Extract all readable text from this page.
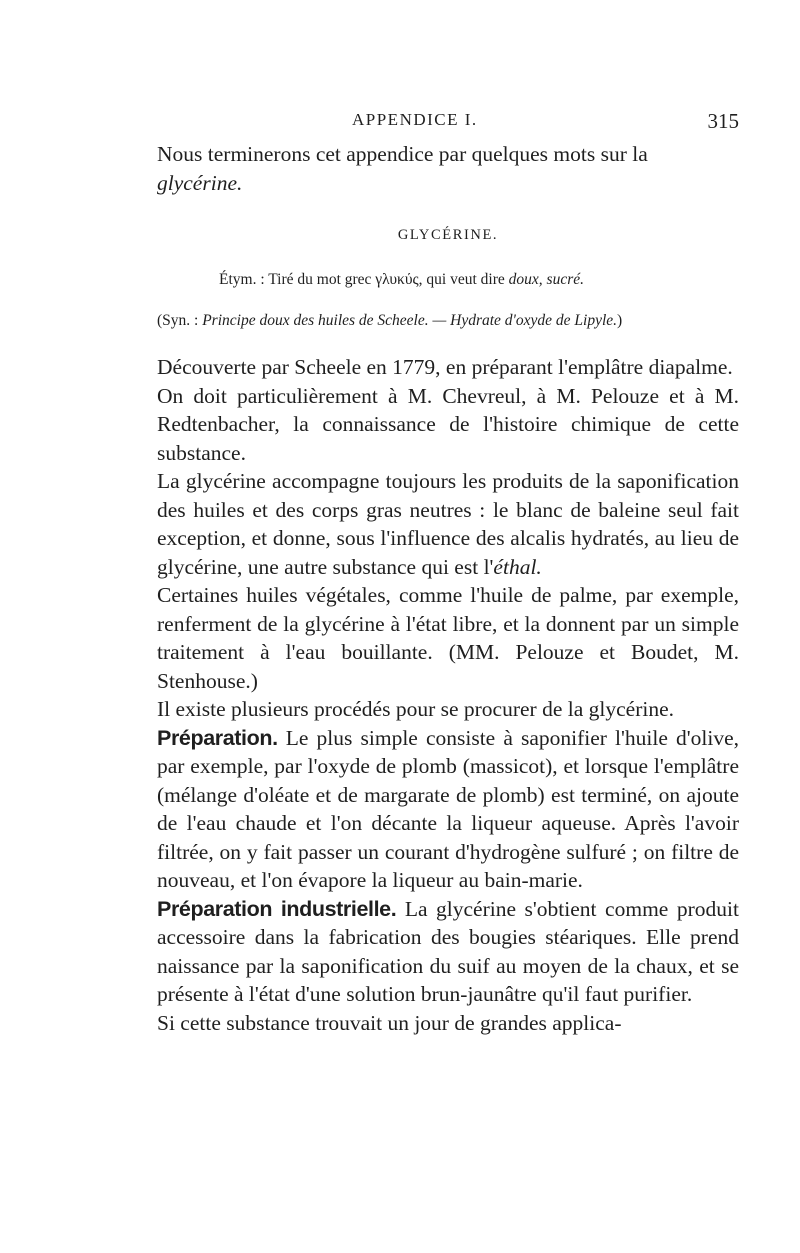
APPENDICE I.	315

Nous terminerons cet appendice par quelques mots sur la
glycérine.

GLYCÉRINE.
Étym. : Tiré du mot grec γλυκύς, qui veut dire doux, sucré.
(Syn. : Principe doux des huiles de Scheele. — Hydrate d'oxyde de Lipyle.)

Découverte par Scheele en 1779, en préparant l'emplâtre diapalme.

On doit particulièrement à M. Chevreul, à M. Pelouze et à M. Redtenbacher, la connaissance de l'histoire chimique de cette substance.

La glycérine accompagne toujours les produits de la saponification des huiles et des corps gras neutres : le blanc de baleine seul fait exception, et donne, sous l'influence des alcalis hydratés, au lieu de glycérine, une autre substance qui est l'éthal.

Certaines huiles végétales, comme l'huile de palme, par exemple, renferment de la glycérine à l'état libre, et la donnent par un simple traitement à l'eau bouillante. (MM. Pelouze et Boudet, M. Stenhouse.)

Il existe plusieurs procédés pour se procurer de la glycérine.

Préparation. Le plus simple consiste à saponifier l'huile d'olive, par exemple, par l'oxyde de plomb (massicot), et lorsque l'emplâtre (mélange d'oléate et de margarate de plomb) est terminé, on ajoute de l'eau chaude et l'on décante la liqueur aqueuse. Après l'avoir filtrée, on y fait passer un courant d'hydrogène sulfuré ; on filtre de nouveau, et l'on évapore la liqueur au bain-marie.

Préparation industrielle. La glycérine s'obtient comme produit accessoire dans la fabrication des bougies stéariques. Elle prend naissance par la saponification du suif au moyen de la chaux, et se présente à l'état d'une solution brun-jaunâtre qu'il faut purifier.

Si cette substance trouvait un jour de grandes applica-
